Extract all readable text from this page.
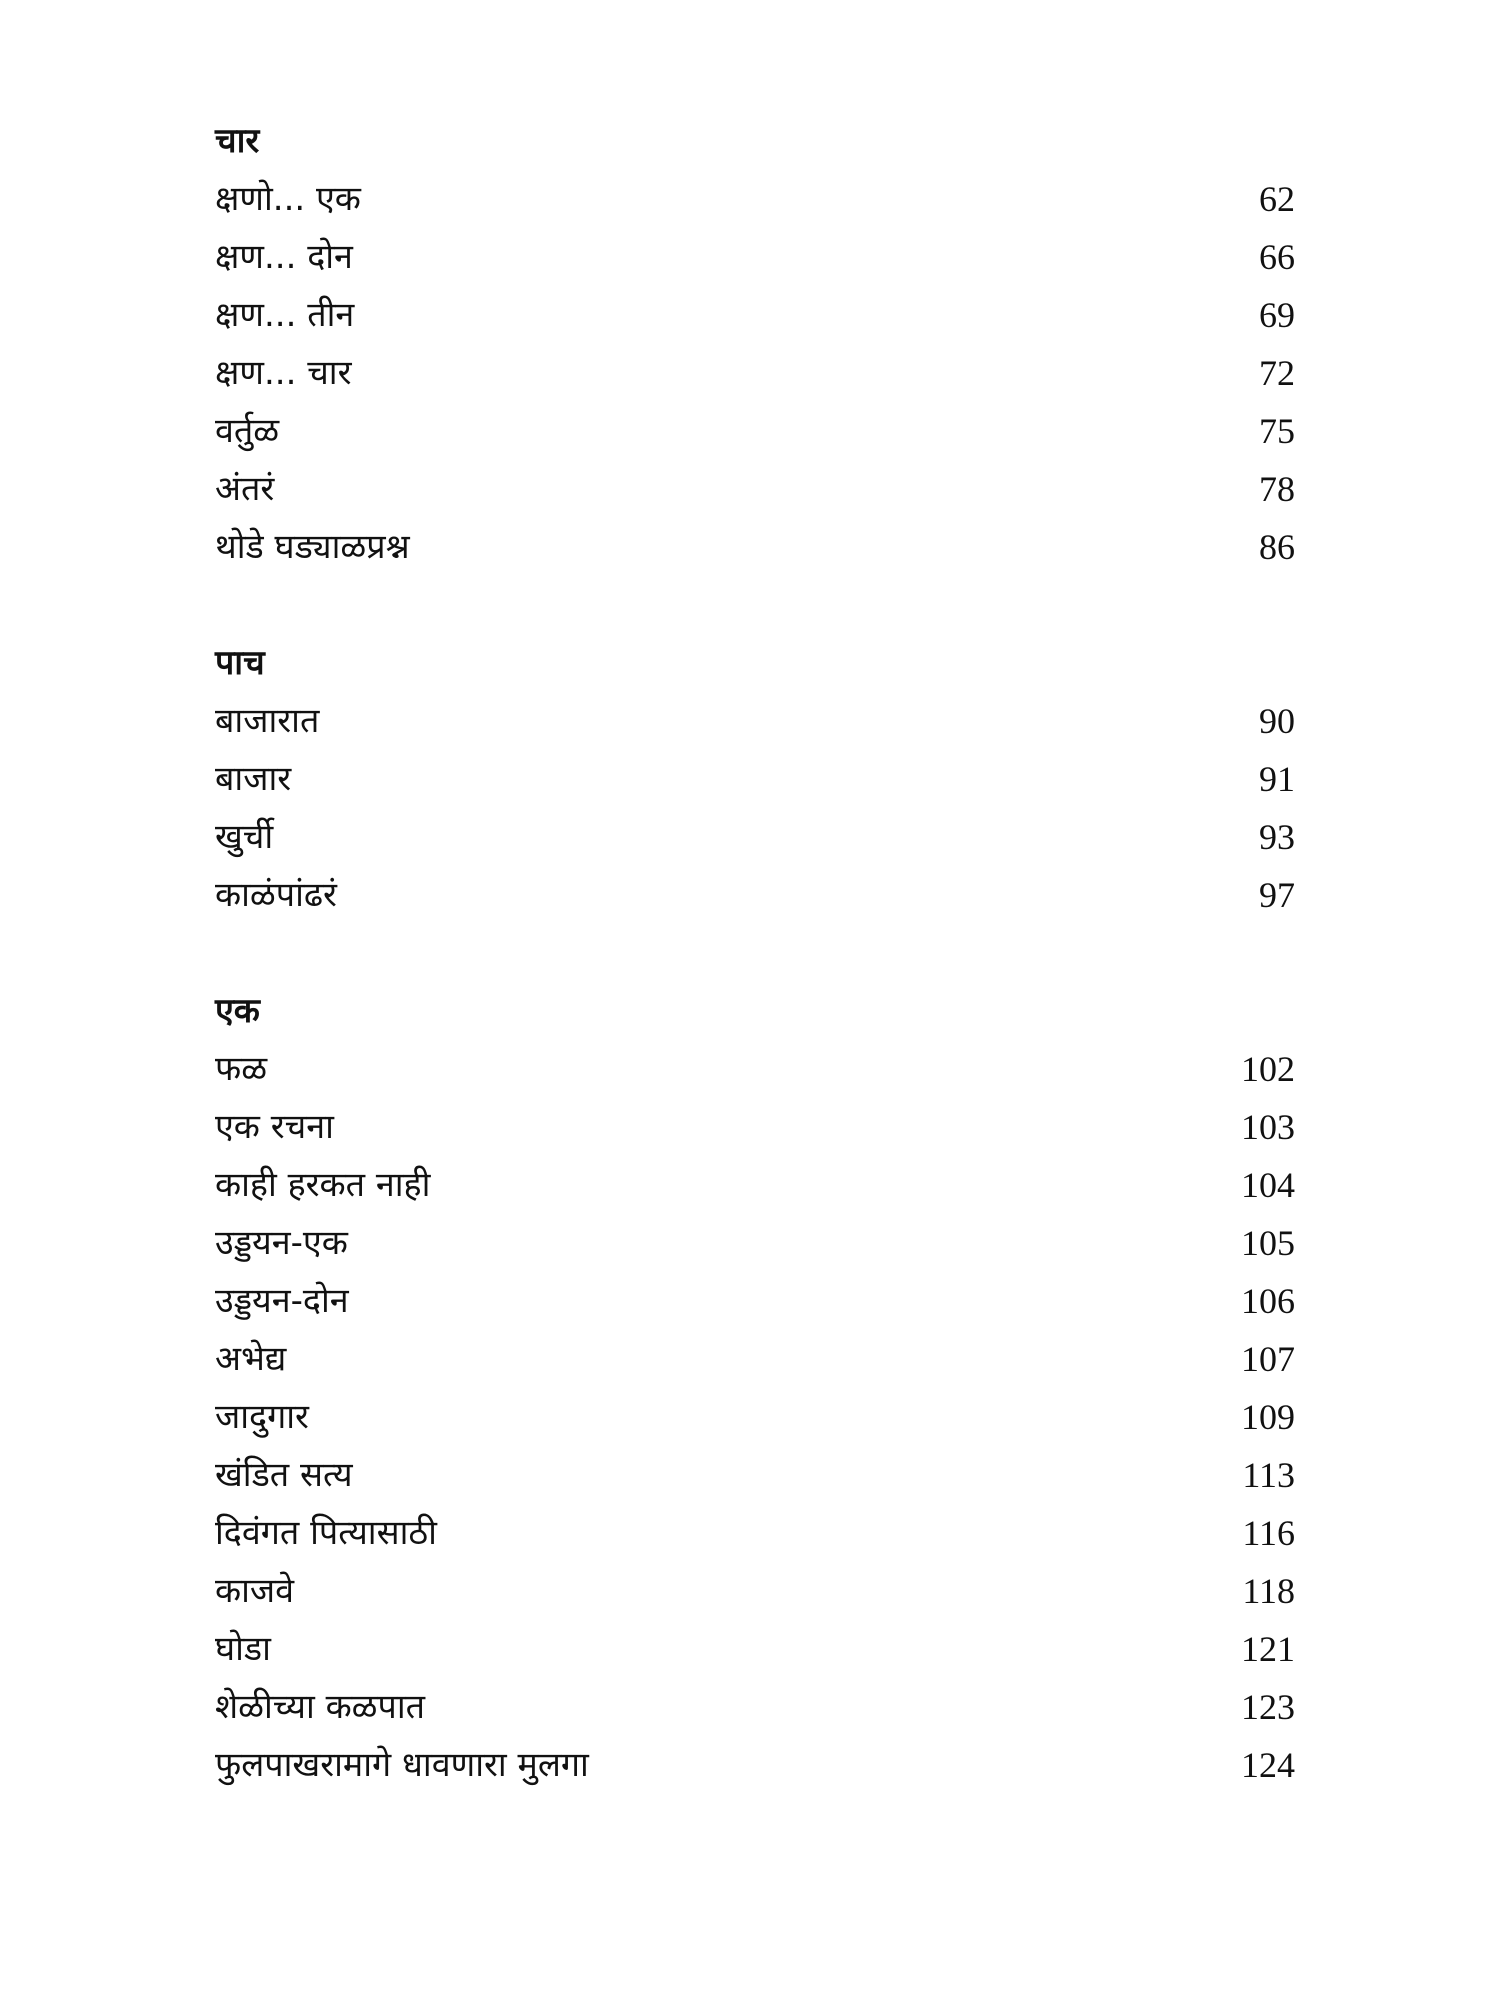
चार
क्षणो... एक	62
क्षण... दोन	66
क्षण... तीन	69
क्षण... चार	72
वर्तुळ	75
अंतरं	78
थोडे घड्याळप्रश्न	86
पाच
बाजारात	90
बाजार	91
खुर्ची	93
काळंपांढरं	97
एक
फळ	102
एक रचना	103
काही हरकत नाही	104
उड्डयन-एक	105
उड्डयन-दोन	106
अभेद्य	107
जादुगार	109
खंडित सत्य	113
दिवंगत पित्यासाठी	116
काजवे	118
घोडा	121
शेळीच्या कळपात	123
फुलपाखरामागे धावणारा मुलगा	124
